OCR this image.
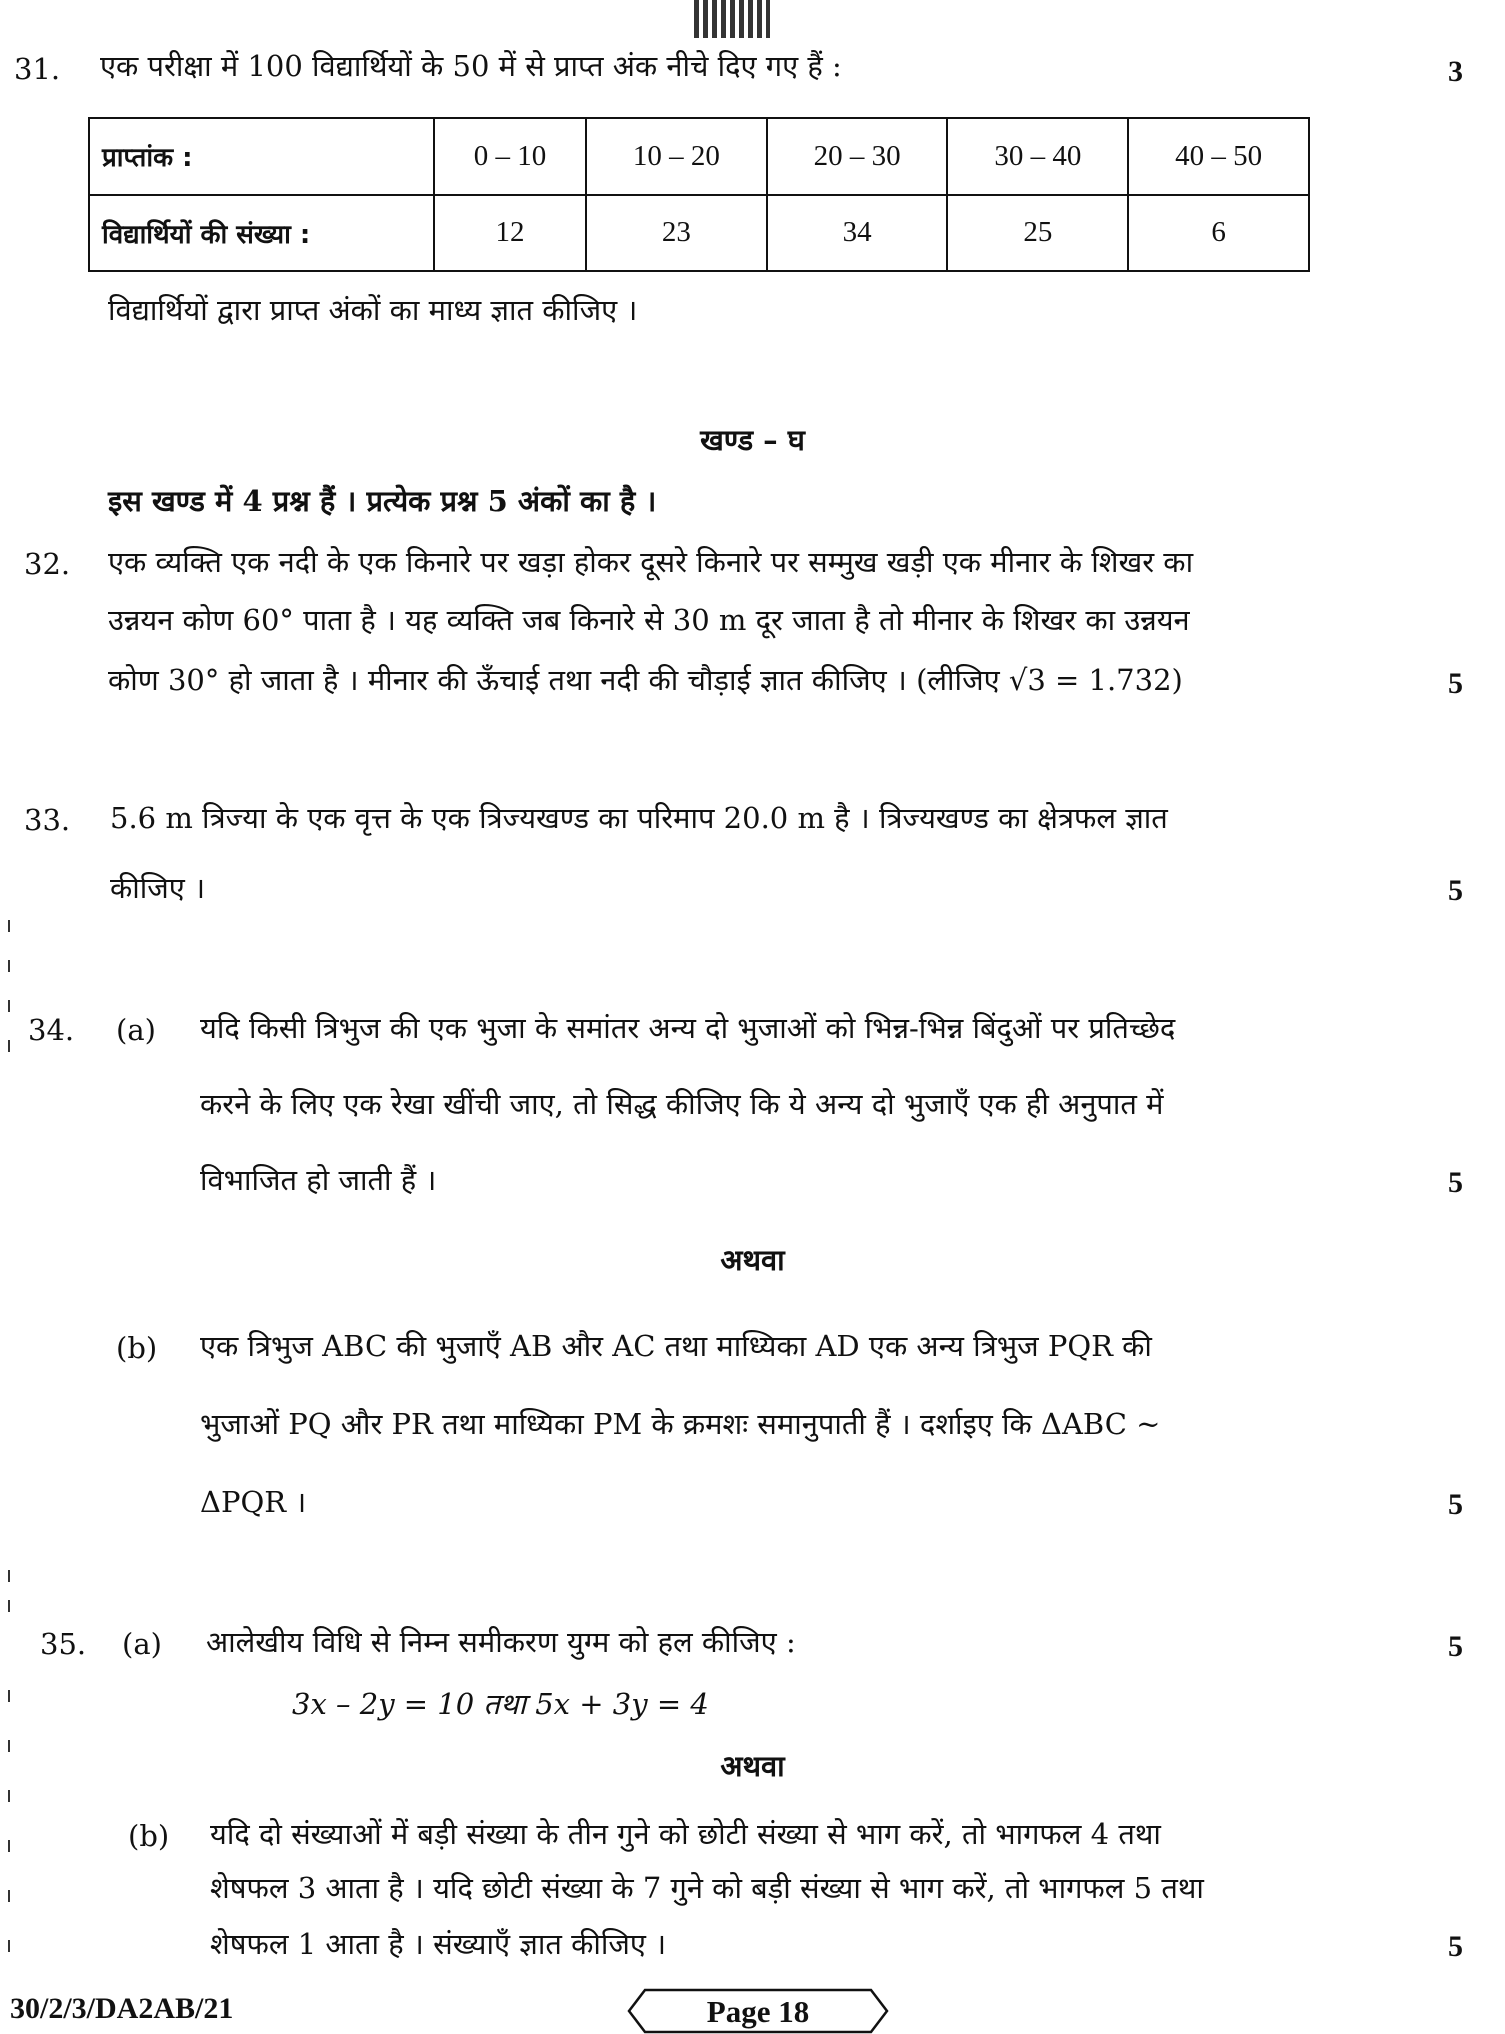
31. एक परीक्षा में 100 विद्यार्थियों के 50 में से प्राप्त अंक नीचे दिए गए हैं :	3
प्राप्तांक :	0 – 10	10 – 20	20 – 30	30 – 40	40 – 50
विद्यार्थियों की संख्या :	12	23	34	25	6
विद्यार्थियों द्वारा प्राप्त अंकों का माध्य ज्ञात कीजिए ।
खण्ड – घ
इस खण्ड में 4 प्रश्न हैं । प्रत्येक प्रश्न 5 अंकों का है ।
32. एक व्यक्ति एक नदी के एक किनारे पर खड़ा होकर दूसरे किनारे पर सम्मुख खड़ी एक मीनार के शिखर का
उन्नयन कोण 60° पाता है । यह व्यक्ति जब किनारे से 30 m दूर जाता है तो मीनार के शिखर का उन्नयन
कोण 30° हो जाता है । मीनार की ऊँचाई तथा नदी की चौड़ाई ज्ञात कीजिए । (लीजिए √3 = 1.732)	5
33. 5.6 m त्रिज्या के एक वृत्त के एक त्रिज्यखण्ड का परिमाप 20.0 m है । त्रिज्यखण्ड का क्षेत्रफल ज्ञात
कीजिए ।	5
34. (a) यदि किसी त्रिभुज की एक भुजा के समांतर अन्य दो भुजाओं को भिन्न-भिन्न बिंदुओं पर प्रतिच्छेद
करने के लिए एक रेखा खींची जाए, तो सिद्ध कीजिए कि ये अन्य दो भुजाएँ एक ही अनुपात में
विभाजित हो जाती हैं ।	5
अथवा
(b) एक त्रिभुज ABC की भुजाएँ AB और AC तथा माध्यिका AD एक अन्य त्रिभुज PQR की
भुजाओं PQ और PR तथा माध्यिका PM के क्रमशः समानुपाती हैं । दर्शाइए कि ΔABC ~
ΔPQR ।	5
35. (a) आलेखीय विधि से निम्न समीकरण युग्म को हल कीजिए :	5
3x – 2y = 10 तथा 5x + 3y = 4
अथवा
(b) यदि दो संख्याओं में बड़ी संख्या के तीन गुने को छोटी संख्या से भाग करें, तो भागफल 4 तथा
शेषफल 3 आता है । यदि छोटी संख्या के 7 गुने को बड़ी संख्या से भाग करें, तो भागफल 5 तथा
शेषफल 1 आता है । संख्याएँ ज्ञात कीजिए ।	5
30/2/3/DA2AB/21	Page 18
